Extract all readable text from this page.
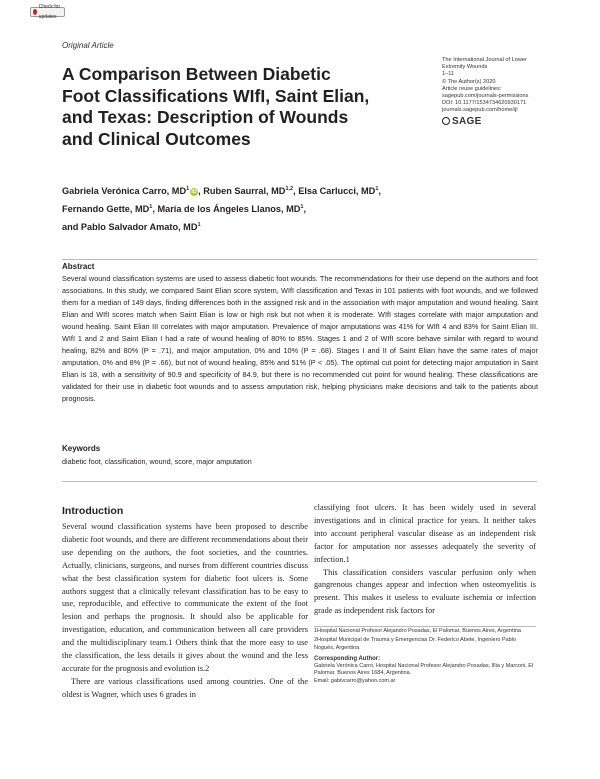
Check for updates
Original Article
A Comparison Between Diabetic
Foot Classifications WIfI, Saint Elian,
and Texas: Description of Wounds
and Clinical Outcomes
The International Journal of Lower
Extremity Wounds
1–11
© The Author(s) 2020
Article reuse guidelines:
sagepub.com/journals-permissions
DOI: 10.1177/1534734620930171
journals.sagepub.com/home/ijl
SAGE
Gabriela Verónica Carro, $MD^1$ iD, Ruben Saurral, MD$^{1,2}$, Elsa Carlucci, $MD^1$,
Fernando Gette, $MD^1$, María de los Ángeles Llanos, $MD^1$,
and Pablo Salvador Amato, $MD^1$
Abstract
Several wound classification systems are used to assess diabetic foot wounds. The recommendations for their use depend on the authors and foot associations. In this study, we compared Saint Elian score system, WIfI classification and Texas in 101 patients with foot wounds, and we followed them for a median of 149 days, finding differences both in the assigned risk and in the association with major amputation and wound healing. Saint Elian and WIfI scores match when Saint Elian is low or high risk but not when it is moderate. WIfI stages correlate with major amputation and wound healing. Saint Elian III correlates with major amputation. Prevalence of major amputations was 41% for WIfI 4 and 83% for Saint Elian III. WIfI 1 and 2 and Saint Elian I had a rate of wound healing of 80% to 85%. Stages 1 and 2 of WIfI score behave similar with regard to wound healing, 82% and 80% (P = .71), and major amputation, 0% and 10% (P = .68). Stages I and II of Saint Elian have the same rates of major amputation, 0% and 8% (P = .66), but not of wound healing, 85% and 51% (P < .05). The optimal cut point for detecting major amputation in Saint Elian is 18, with a sensitivity of 90.9 and specificity of 84.9, but there is no recommended cut point for wound healing. These classifications are validated for their use in diabetic foot wounds and to assess amputation risk, helping physicians make decisions and talk to the patients about prognosis.
Keywords
diabetic foot, classification, wound, score, major amputation
Introduction

Several wound classification systems have been proposed to describe diabetic foot wounds, and there are different recommendations about their use depending on the authors, the foot societies, and the countries. Actually, clinicians, surgeons, and nurses from different countries discuss what the best classification system for diabetic foot ulcers is. Some authors suggest that a clinically relevant classification has to be easy to use, reproducible, and effective to communicate the extent of the foot lesion and perhaps the prognosis. It should also be applicable for investigation, education, and communication between all care providers and the multidisciplinary team.1 Others think that the more easy to use the classification, the less details it gives about the wound and the less accurate for the prognosis and evolution is.2

There are various classifications used among countries. One of the oldest is Wagner, which uses 6 grades in

classifying foot ulcers. It has been widely used in several investigations and in clinical practice for years. It neither takes into account peripheral vascular disease as an independent risk factor for amputation nor assesses adequately the severity of infection.1

This classification considers vascular perfusion only when gangrenous changes appear and infection when osteomyelitis is present. This makes it useless to evaluate ischemia or infection grade as independent risk factors for

1Hospital Nacional Profesor Alejandro Posadas, El Palomar, Buenos Aires, Argentina
2Hospital Municipal de Trauma y Emergencias Dr. Federico Abete, Ingeniero Pablo Nogués, Argentina
Corresponding Author:
Gabriela Verónica Carro, Hospital Nacional Profesor Alejandro Posadas, Illia y Marconi, El Palomar, Buenos Aires 1684, Argentina.
Email: gabivcarro@yahoo.com.ar
